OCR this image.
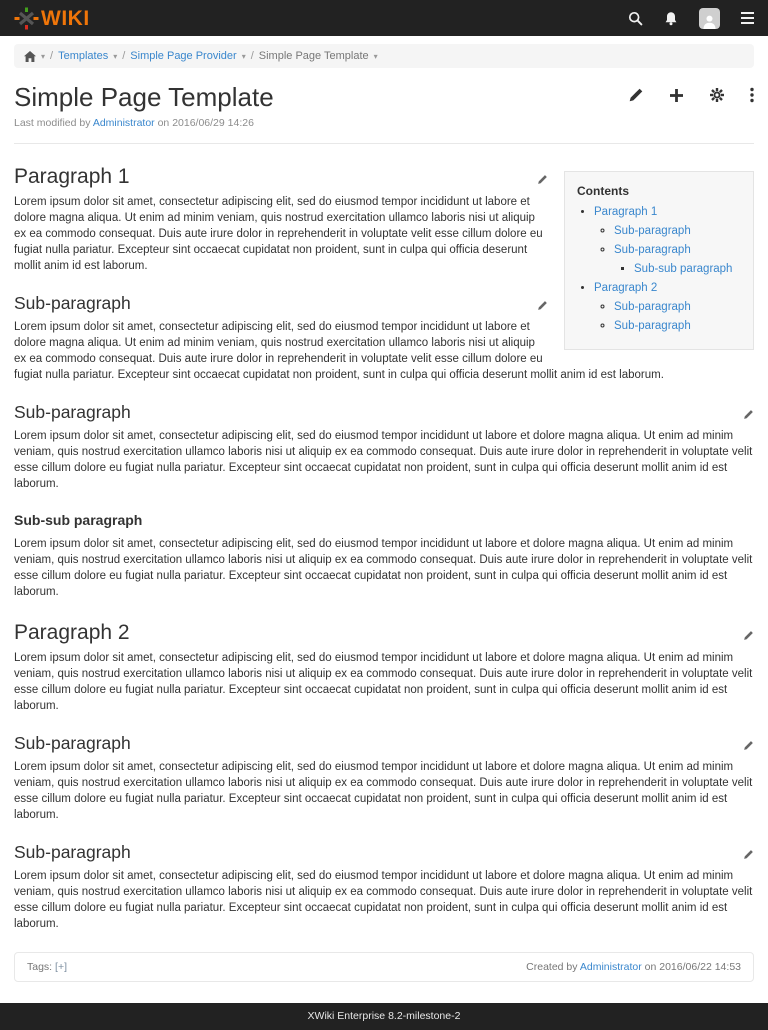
WIKI
▾ / Templates ▾ / Simple Page Provider ▾ / Simple Page Template ▾
Simple Page Template
Last modified by Administrator on 2016/06/29 14:26
Contents
• Paragraph 1
◦ Sub-paragraph
◦ Sub-paragraph
▪ Sub-sub paragraph
• Paragraph 2
◦ Sub-paragraph
◦ Sub-paragraph
Paragraph 1

Lorem ipsum dolor sit amet, consectetur adipiscing elit, sed do eiusmod tempor incididunt ut labore et dolore magna aliqua. Ut enim ad minim veniam, quis nostrud exercitation ullamco laboris nisi ut aliquip ex ea commodo consequat. Duis aute irure dolor in reprehenderit in voluptate velit esse cillum dolore eu fugiat nulla pariatur. Excepteur sint occaecat cupidatat non proident, sunt in culpa qui officia deserunt mollit anim id est laborum.

Sub-paragraph

Lorem ipsum dolor sit amet, consectetur adipiscing elit, sed do eiusmod tempor incididunt ut labore et dolore magna aliqua. Ut enim ad minim veniam, quis nostrud exercitation ullamco laboris nisi ut aliquip ex ea commodo consequat. Duis aute irure dolor in reprehenderit in voluptate velit esse cillum dolore eu fugiat nulla pariatur. Excepteur sint occaecat cupidatat non proident, sunt in culpa qui officia deserunt mollit anim id est laborum.

Sub-paragraph

Lorem ipsum dolor sit amet, consectetur adipiscing elit, sed do eiusmod tempor incididunt ut labore et dolore magna aliqua. Ut enim ad minim veniam, quis nostrud exercitation ullamco laboris nisi ut aliquip ex ea commodo consequat. Duis aute irure dolor in reprehenderit in voluptate velit esse cillum dolore eu fugiat nulla pariatur. Excepteur sint occaecat cupidatat non proident, sunt in culpa qui officia deserunt mollit anim id est laborum.

Sub-sub paragraph

Lorem ipsum dolor sit amet, consectetur adipiscing elit, sed do eiusmod tempor incididunt ut labore et dolore magna aliqua. Ut enim ad minim veniam, quis nostrud exercitation ullamco laboris nisi ut aliquip ex ea commodo consequat. Duis aute irure dolor in reprehenderit in voluptate velit esse cillum dolore eu fugiat nulla pariatur. Excepteur sint occaecat cupidatat non proident, sunt in culpa qui officia deserunt mollit anim id est laborum.

Paragraph 2

Lorem ipsum dolor sit amet, consectetur adipiscing elit, sed do eiusmod tempor incididunt ut labore et dolore magna aliqua. Ut enim ad minim veniam, quis nostrud exercitation ullamco laboris nisi ut aliquip ex ea commodo consequat. Duis aute irure dolor in reprehenderit in voluptate velit esse cillum dolore eu fugiat nulla pariatur. Excepteur sint occaecat cupidatat non proident, sunt in culpa qui officia deserunt mollit anim id est laborum.

Sub-paragraph

Lorem ipsum dolor sit amet, consectetur adipiscing elit, sed do eiusmod tempor incididunt ut labore et dolore magna aliqua. Ut enim ad minim veniam, quis nostrud exercitation ullamco laboris nisi ut aliquip ex ea commodo consequat. Duis aute irure dolor in reprehenderit in voluptate velit esse cillum dolore eu fugiat nulla pariatur. Excepteur sint occaecat cupidatat non proident, sunt in culpa qui officia deserunt mollit anim id est laborum.

Sub-paragraph

Lorem ipsum dolor sit amet, consectetur adipiscing elit, sed do eiusmod tempor incididunt ut labore et dolore magna aliqua. Ut enim ad minim veniam, quis nostrud exercitation ullamco laboris nisi ut aliquip ex ea commodo consequat. Duis aute irure dolor in reprehenderit in voluptate velit esse cillum dolore eu fugiat nulla pariatur. Excepteur sint occaecat cupidatat non proident, sunt in culpa qui officia deserunt mollit anim id est laborum.

Tags: [+]	Created by Administrator on 2016/06/22 14:53
XWiki Enterprise 8.2-milestone-2
